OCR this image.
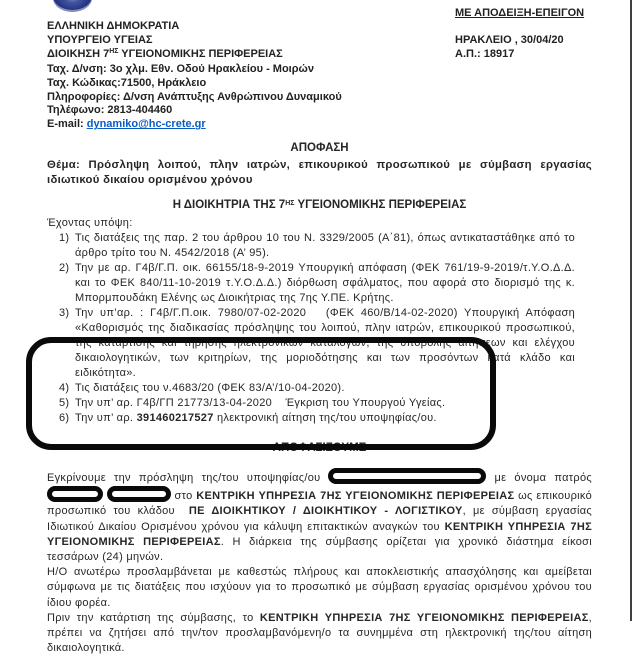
ΕΛΛΗΝΙΚΗ ΔΗΜΟΚΡΑΤΙΑ
ΥΠΟΥΡΓΕΙΟ ΥΓΕΙΑΣ
ΔΙΟΙΚΗΣΗ $7^{H\Sigma}$ ΥΓΕΙΟΝΟΜΙΚΗΣ ΠΕΡΙΦΕΡΕΙΑΣ
Ταχ. Δ/νση: 3ο χλμ. Εθν. Οδού Ηρακλείου - Μοιρών
Ταχ. Κώδικας:71500, Ηράκλειο
Πληροφορίες: Δ/νση Ανάπτυξης Ανθρώπινου Δυναμικού
Τηλέφωνο: 2813-404460
E-mail: dynamiko@hc-crete.gr
ΜΕ ΑΠΟΔΕΙΞΗ-ΕΠΕΙΓΟΝ
ΗΡΑΚΛΕΙΟ , 30/04/20
Α.Π.: 18917
ΑΠΟΦΑΣΗ
Θέμα: Πρόσληψη λοιπού, πλην ιατρών, επικουρικού προσωπικού με σύμβαση εργασίας ιδιωτικού δικαίου ορισμένου χρόνου
Η ΔΙΟΙΚΗΤΡΙΑ ΤΗΣ $7^{H\Sigma}$ ΥΓΕΙΟΝΟΜΙΚΗΣ ΠΕΡΙΦΕΡΕΙΑΣ
Έχοντας υπόψη:
1) Τις διατάξεις της παρ. 2 του άρθρου 10 του Ν. 3329/2005 (Α΄81), όπως αντικαταστάθηκε από το άρθρο τρίτο του Ν. 4542/2018 (Α’ 95).
2) Την με αρ. Γ4β/Γ.Π. οικ. 66155/18-9-2019 Υπουργική απόφαση (ΦΕΚ 761/19-9-2019/τ.Υ.Ο.Δ.Δ. και το ΦΕΚ 840/11-10-2019 τ.Υ.Ο.Δ.Δ.) διόρθωση σφάλματος, που αφορά στο διορισμό της κ. Μπορμπουδάκη Ελένης ως Διοικήτριας της 7ης Υ.ΠΕ. Κρήτης.
3) Την υπ’αρ. : Γ4β/Γ.Π.οικ. 7980/07-02-2020   (ΦΕΚ 460/Β/14-02-2020) Υπουργική Απόφαση «Καθορισμός της διαδικασίας πρόσληψης του λοιπού, πλην ιατρών, επικουρικού προσωπικού, της κατάρτισης και τήρησης ηλεκτρονικών καταλόγων, της υποβολής αιτήσεων και ελέγχου δικαιολογητικών, των κριτηρίων, της μοριοδότησης και των προσόντων κατά κλάδο και ειδικότητα».
4) Τις διατάξεις του ν.4683/20 (ΦΕΚ 83/Α’/10-04-2020).
5) Την υπ’ αρ. Γ4β/ΓΠ 21773/13-04-2020    Έγκριση του Υπουργού Υγείας.
6) Την υπ’ αρ. 391460217527 ηλεκτρονική αίτηση της/του υποψηφίας/ου.
ΑΠΟΦΑΣΙΖΟΥΜΕ

Εγκρίνουμε την πρόσληψη της/του υποψηφίας/ου	με όνομα πατρός   στο ΚΕΝΤΡΙΚΗ ΥΠΗΡΕΣΙΑ 7ΗΣ ΥΓΕΙΟΝΟΜΙΚΗΣ ΠΕΡΙΦΕΡΕΙΑΣ ως επικουρικό προσωπικό του κλάδου  ΠΕ ΔΙΟΙΚΗΤΙΚΟΥ / ΔΙΟΙΚΗΤΙΚΟΥ - ΛΟΓΙΣΤΙΚΟΥ, με σύμβαση εργασίας Ιδιωτικού Δικαίου Ορισμένου χρόνου για κάλυψη επιτακτικών αναγκών του ΚΕΝΤΡΙΚΗ ΥΠΗΡΕΣΙΑ 7ΗΣ ΥΓΕΙΟΝΟΜΙΚΗΣ ΠΕΡΙΦΕΡΕΙΑΣ. Η διάρκεια της σύμβασης ορίζεται για χρονικό διάστημα είκοσι τεσσάρων (24) μηνών.

Η/Ο ανωτέρω προσλαμβάνεται με καθεστώς πλήρους και αποκλειστικής απασχόλησης και αμείβεται σύμφωνα με τις διατάξεις που ισχύουν για το προσωπικό με σύμβαση εργασίας ορισμένου χρόνου του ίδιου φορέα.

Πριν την κατάρτιση της σύμβασης, το ΚΕΝΤΡΙΚΗ ΥΠΗΡΕΣΙΑ 7ΗΣ ΥΓΕΙΟΝΟΜΙΚΗΣ ΠΕΡΙΦΕΡΕΙΑΣ, πρέπει να ζητήσει από την/τον προσλαμβανόμενη/ο τα συνημμένα στη ηλεκτρονική της/του αίτηση δικαιολογητικά.
